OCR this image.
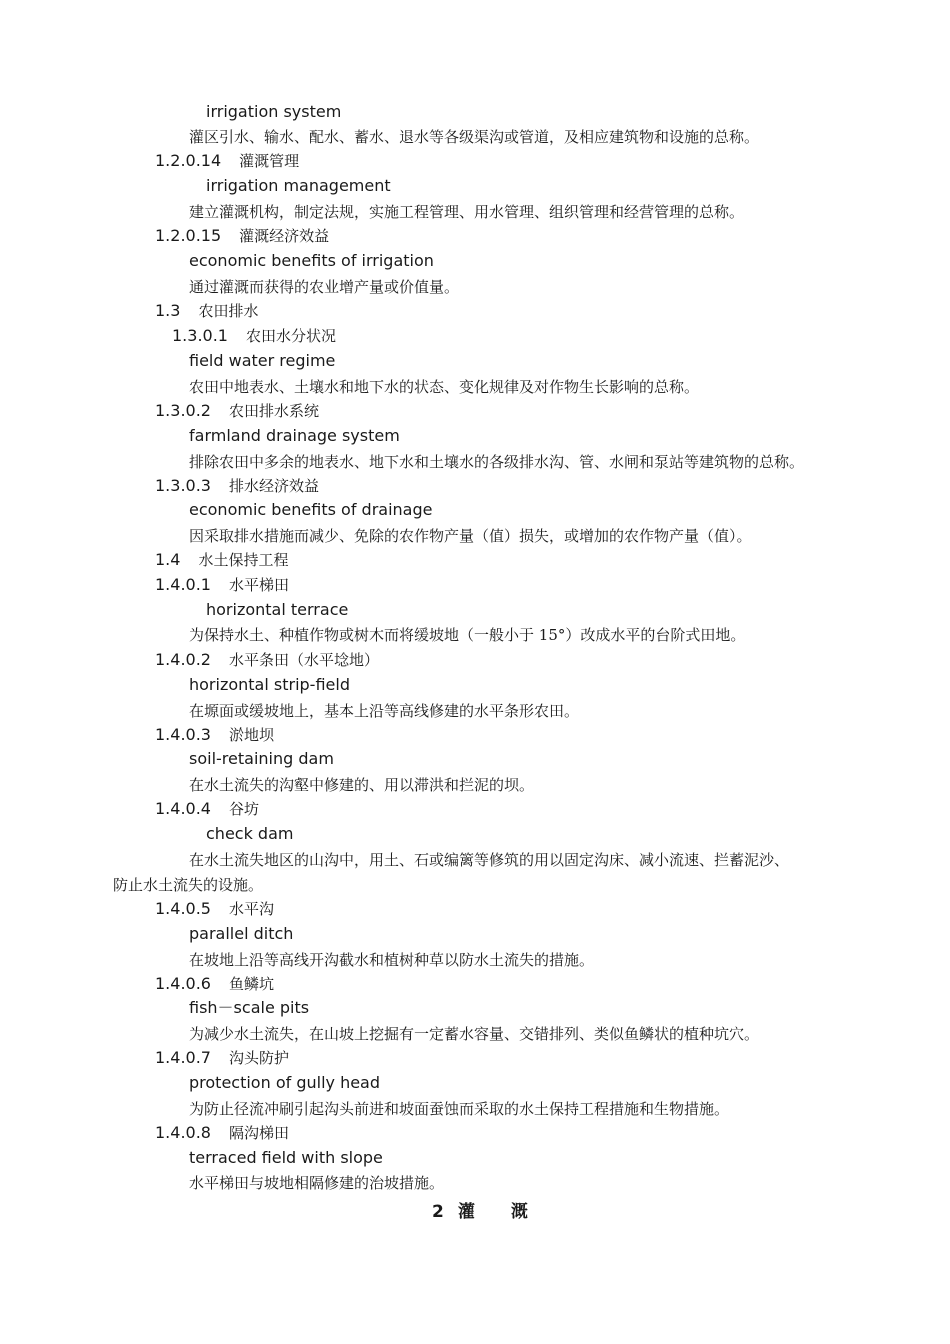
irrigation system
灌区引水、输水、配水、蓄水、退水等各级渠沟或管道，及相应建筑物和设施的总称。
1.2.0.14 灌溉管理
irrigation management
建立灌溉机构，制定法规，实施工程管理、用水管理、组织管理和经营管理的总称。
1.2.0.15 灌溉经济效益
economic benefits of irrigation
通过灌溉而获得的农业增产量或价值量。
1.3 农田排水
1.3.0.1 农田水分状况
field water regime
农田中地表水、土壤水和地下水的状态、变化规律及对作物生长影响的总称。
1.3.0.2 农田排水系统
farmland drainage system
排除农田中多余的地表水、地下水和土壤水的各级排水沟、管、水闸和泵站等建筑物的总称。
1.3.0.3 排水经济效益
economic benefits of drainage
因采取排水措施而减少、免除的农作物产量（值）损失，或增加的农作物产量（值）。
1.4 水土保持工程
1.4.0.1 水平梯田
horizontal terrace
为保持水土、种植作物或树木而将缓坡地（一般小于 15°）改成水平的台阶式田地。
1.4.0.2 水平条田（水平埝地）
horizontal strip-field
在塬面或缓坡地上，基本上沿等高线修建的水平条形农田。
1.4.0.3 淤地坝
soil-retaining dam
在水土流失的沟壑中修建的、用以滞洪和拦泥的坝。
1.4.0.4 谷坊
check dam
在水土流失地区的山沟中，用土、石或编篱等修筑的用以固定沟床、减小流速、拦蓄泥沙、
防止水土流失的设施。
1.4.0.5 水平沟
parallel ditch
在坡地上沿等高线开沟截水和植树种草以防水土流失的措施。
1.4.0.6 鱼鳞坑
fish－scale pits
为减少水土流失，在山坡上挖掘有一定蓄水容量、交错排列、类似鱼鳞状的植种坑穴。
1.4.0.7 沟头防护
protection of gully head
为防止径流冲刷引起沟头前进和坡面蚕蚀而采取的水土保持工程措施和生物措施。
1.4.0.8 隔沟梯田
terraced field with slope
水平梯田与坡地相隔修建的治坡措施。
2 灌 溉
